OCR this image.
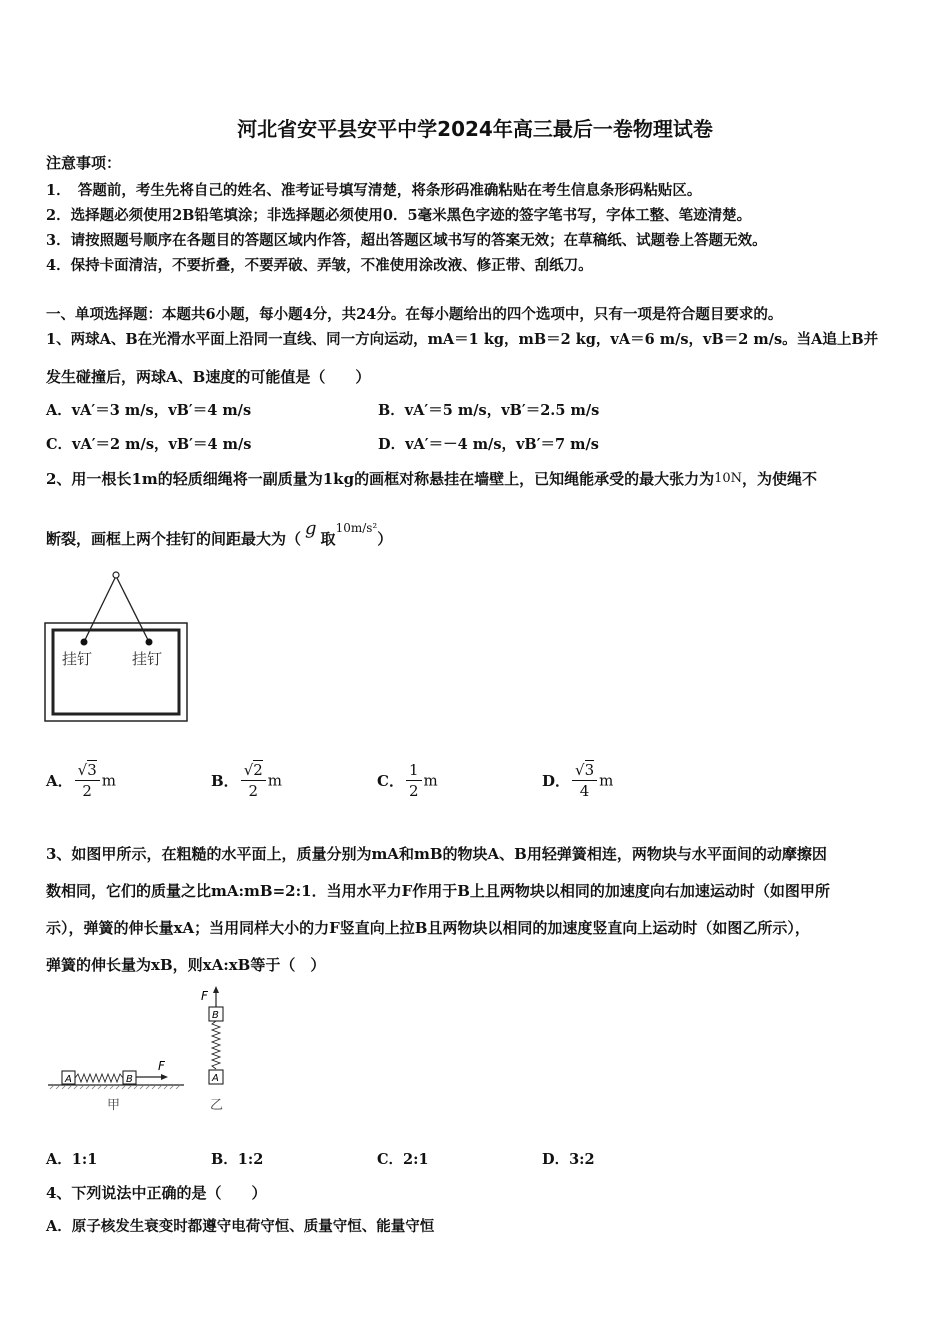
河北省安平县安平中学2024年高三最后一卷物理试卷
注意事项：
1．　答题前，考生先将自己的姓名、准考证号填写清楚，将条形码准确粘贴在考生信息条形码粘贴区。
2．选择题必须使用2B铅笔填涂；非选择题必须使用0．5毫米黑色字迹的签字笔书写，字体工整、笔迹清楚。
3．请按照题号顺序在各题目的答题区域内作答，超出答题区域书写的答案无效；在草稿纸、试题卷上答题无效。
4．保持卡面清洁，不要折叠，不要弄破、弄皱，不准使用涂改液、修正带、刮纸刀。
一、单项选择题：本题共6小题，每小题4分，共24分。在每小题给出的四个选项中，只有一项是符合题目要求的。
1、两球A、B在光滑水平面上沿同一直线、同一方向运动，mA＝1 kg，mB＝2 kg，vA＝6 m/s，vB＝2 m/s。当A追上B并
发生碰撞后，两球A、B速度的可能值是（　　）
A．vA′＝3 m/s，vB′＝4 m/s	B．vA′＝5 m/s，vB′＝2.5 m/s
C．vA′＝2 m/s，vB′＝4 m/s	D．vA′＝－4 m/s，vB′＝7 m/s
2、用一根长1m的轻质细绳将一副质量为1kg的画框对称悬挂在墙壁上，已知绳能承受的最大张力为10N，为使绳不
断裂，画框上两个挂钉的间距最大为（ g 取$^{10m/s^2}$）
挂钉	挂钉
A． $\frac{√3}{2}$ m	B． $\frac{√2}{2}$ m	C． $\frac{1}{2}$ m	D． $\frac{√3}{4}$ m
3、如图甲所示，在粗糙的水平面上，质量分别为mA和mB的物块A、B用轻弹簧相连，两物块与水平面间的动摩擦因
数相同，它们的质量之比mA:mB=2:1．当用水平力F作用于B上且两物块以相同的加速度向右加速运动时（如图甲所
示），弹簧的伸长量xA；当用同样大小的力F竖直向上拉B且两物块以相同的加速度竖直向上运动时（如图乙所示），
弹簧的伸长量为xB，则xA:xB等于（　）
A	B
F
甲
F
B
A
乙
A．1:1	B．1:2	C．2:1	D．3:2
4、下列说法中正确的是（　　）
A．原子核发生衰变时都遵守电荷守恒、质量守恒、能量守恒
